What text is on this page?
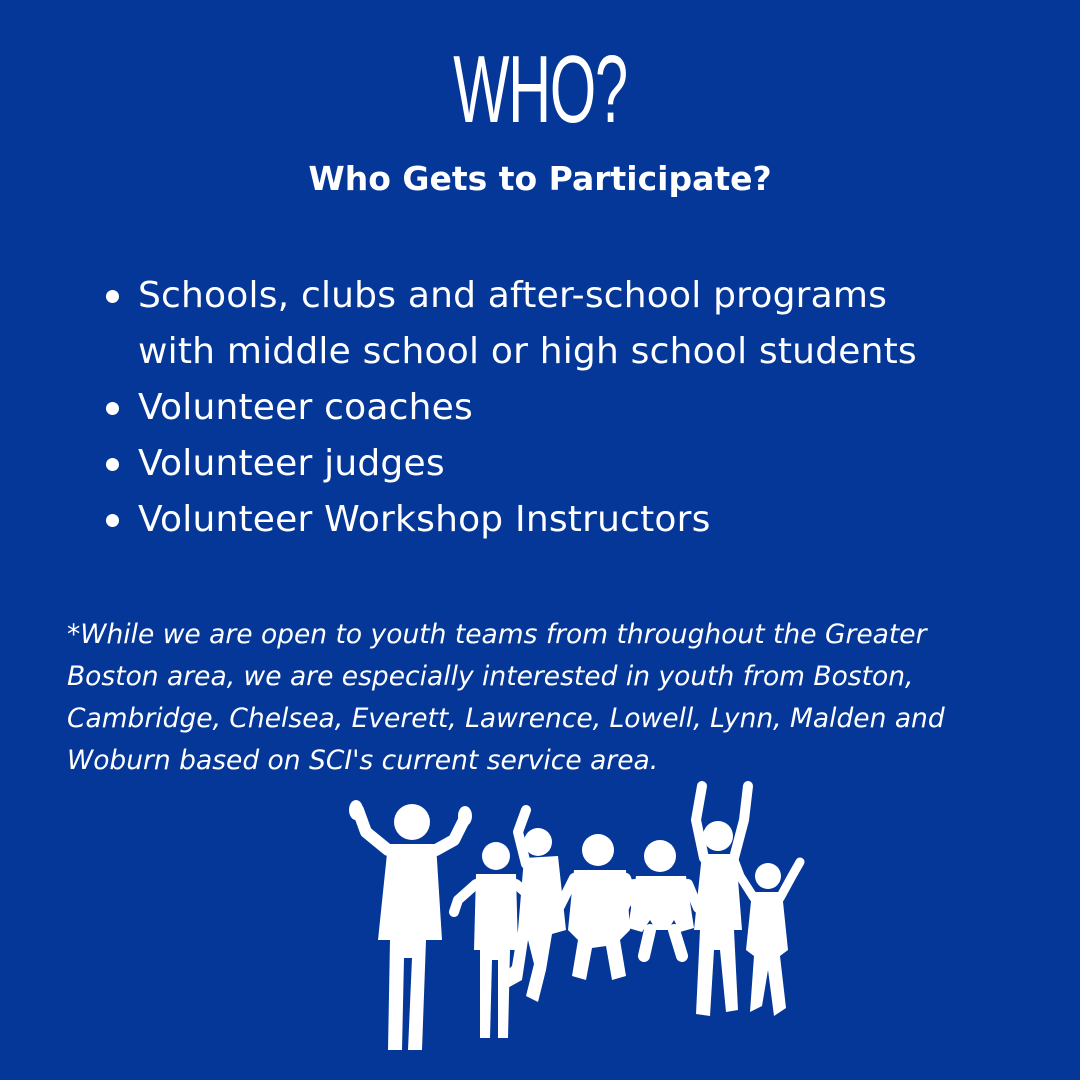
WHO?
Who Gets to Participate?
Schools, clubs and after-school programs
with middle school or high school students
Volunteer coaches
Volunteer judges
Volunteer Workshop Instructors
*While we are open to youth teams from throughout the Greater
Boston area, we are especially interested in youth from Boston,
Cambridge, Chelsea, Everett, Lawrence, Lowell, Lynn, Malden and
Woburn based on SCI's current service area.
